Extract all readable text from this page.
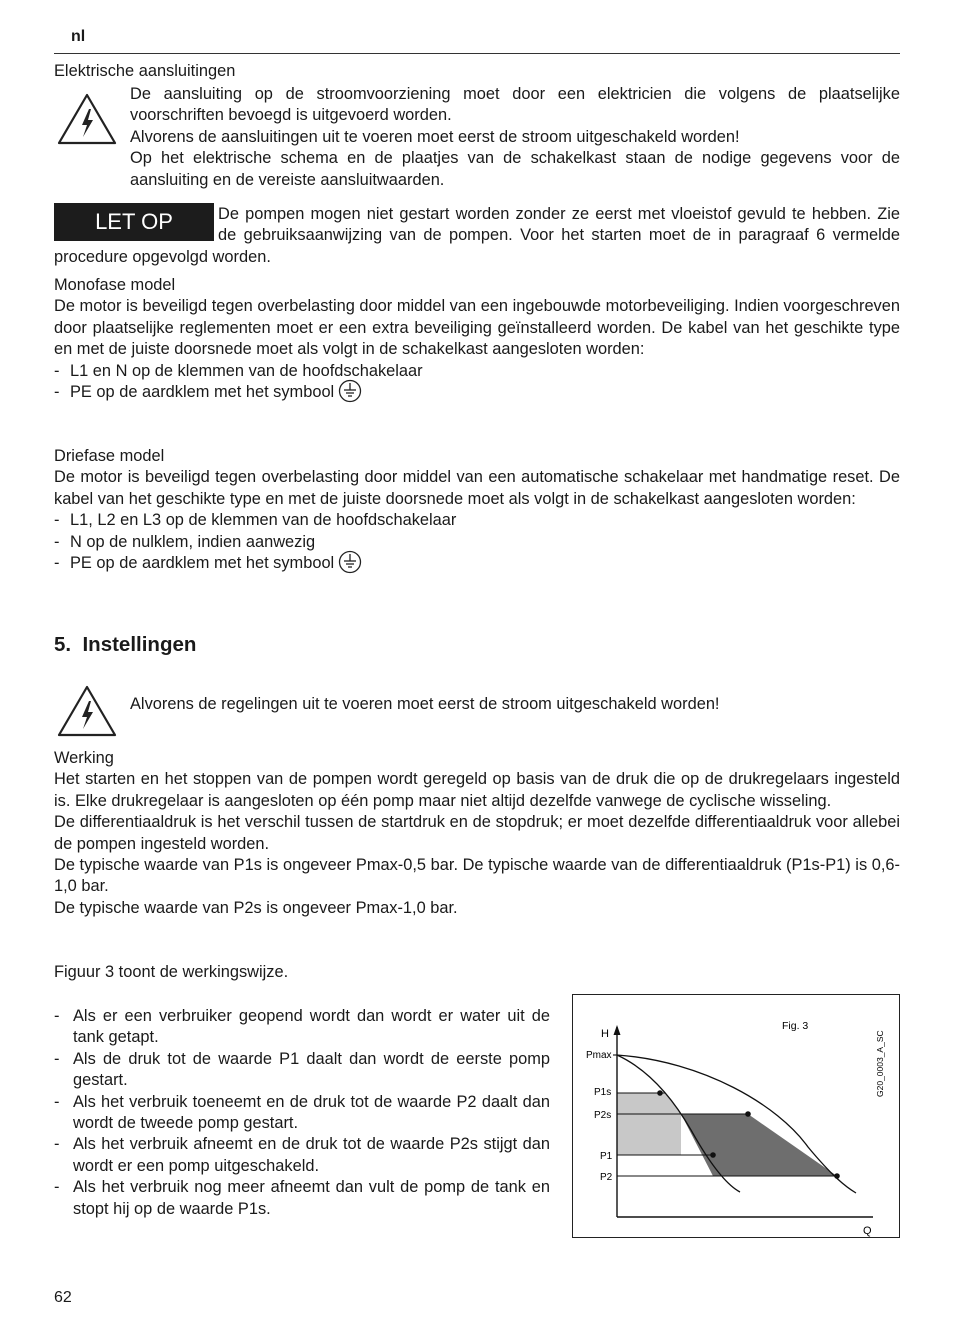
nl
Elektrische aansluitingen
De aansluiting op de stroomvoorziening moet door een elektricien die volgens de plaatselijke voorschriften bevoegd is uitgevoerd worden.
Alvorens de aansluitingen uit te voeren moet eerst de stroom uitgeschakeld worden!
Op het elektrische schema en de plaatjes van de schakelkast staan de nodige gegevens voor de aansluiting en de vereiste aansluitwaarden.
LET OP	De pompen mogen niet gestart worden zonder ze eerst met vloeistof gevuld te hebben. Zie de gebruiksaanwijzing van de pompen. Voor het starten moet de in paragraaf 6 vermelde procedure opgevolgd worden.
Monofase model
De motor is beveiligd tegen overbelasting door middel van een ingebouwde motorbeveiliging. Indien voorgeschreven door plaatselijke reglementen moet er een extra beveiliging geïnstalleerd worden. De kabel van het geschikte type en met de juiste doorsnede moet als volgt in de schakelkast aangesloten worden:
- L1 en N op de klemmen van de hoofdschakelaar
- PE op de aardklem met het symbool
Driefase model
De motor is beveiligd tegen overbelasting door middel van een automatische schakelaar met handmatige reset. De kabel van het geschikte type en met de juiste doorsnede moet als volgt in de schakelkast aangesloten worden:
- L1, L2 en L3 op de klemmen van de hoofdschakelaar
- N op de nulklem, indien aanwezig
- PE op de aardklem met het symbool
5.  Instellingen
Alvorens de regelingen uit te voeren moet eerst de stroom uitgeschakeld worden!
Werking
Het starten en het stoppen van de pompen wordt geregeld op basis van de druk die op de drukregelaars ingesteld is. Elke drukregelaar is aangesloten op één pomp maar niet altijd dezelfde vanwege de cyclische wisseling.
De differentiaaldruk is het verschil tussen de startdruk en de stopdruk; er moet dezelfde differentiaaldruk voor allebei de pompen ingesteld worden.
De typische waarde van P1s is ongeveer Pmax-0,5 bar. De typische waarde van de differentiaaldruk (P1s-P1) is 0,6-1,0 bar.
De typische waarde van P2s is ongeveer Pmax-1,0 bar.
Figuur 3 toont de werkingswijze.
- Als er een verbruiker geopend wordt dan wordt er water uit de tank getapt.
- Als de druk tot de waarde P1 daalt dan wordt de eerste pomp gestart.
- Als het verbruik toeneemt en de druk tot de waarde P2 daalt dan wordt de tweede pomp gestart.
- Als het verbruik afneemt en de druk tot de waarde P2s stijgt dan wordt er een pomp uitgeschakeld.
- Als het verbruik nog meer afneemt dan vult de pomp de tank en stopt hij op de waarde P1s.
H
Pmax
P1s
P2s
P1
P2
Q
Fig. 3
G20_0003_A_SC
62
